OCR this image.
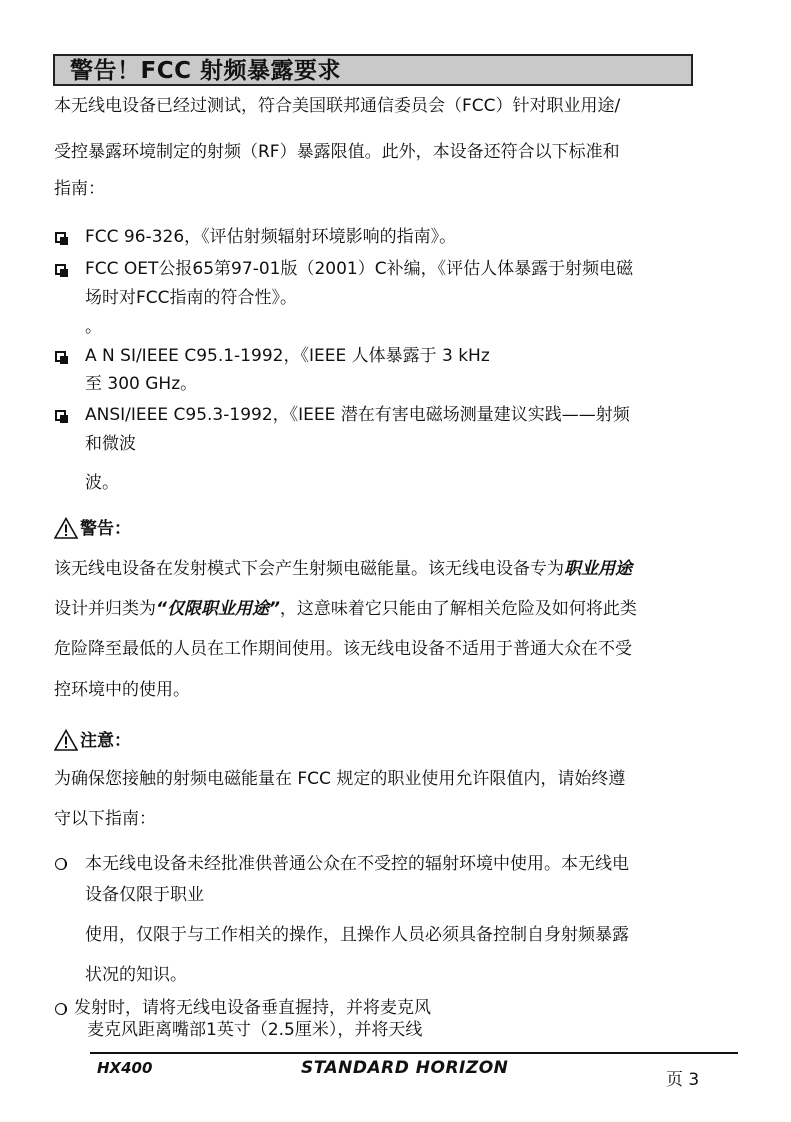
警告！FCC 射频暴露要求
本无线电设备已经过测试，符合美国联邦通信委员会（FCC）针对职业用途/
受控暴露环境制定的射频（RF）暴露限值。此外，本设备还符合以下标准和
指南：
FCC 96-326，《评估射频辐射环境影响的指南》。
FCC OET公报65第97-01版（2001）C补编，《评估人体暴露于射频电磁
场时对FCC指南的符合性》。
。
A N SI/IEEE C95.1-1992，《IEEE 人体暴露于 3 kHz
至 300 GHz。
ANSI/IEEE C95.3-1992，《IEEE 潜在有害电磁场测量建议实践——射频
和微波
波。
警告：
该无线电设备在发射模式下会产生射频电磁能量。该无线电设备专为职业用途
设计并归类为“仅限职业用途”，这意味着它只能由了解相关危险及如何将此类
危险降至最低的人员在工作期间使用。该无线电设备不适用于普通大众在不受
控环境中的使用。
注意：
为确保您接触的射频电磁能量在 FCC 规定的职业使用允许限值内，请始终遵
守以下指南：
本无线电设备未经批准供普通公众在不受控的辐射环境中使用。本无线电
设备仅限于职业
使用，仅限于与工作相关的操作，且操作人员必须具备控制自身射频暴露
状况的知识。
发射时，请将无线电设备垂直握持，并将麦克风
麦克风距离嘴部1英寸（2.5厘米），并将天线
HX400	STANDARD HORIZON
页 3
